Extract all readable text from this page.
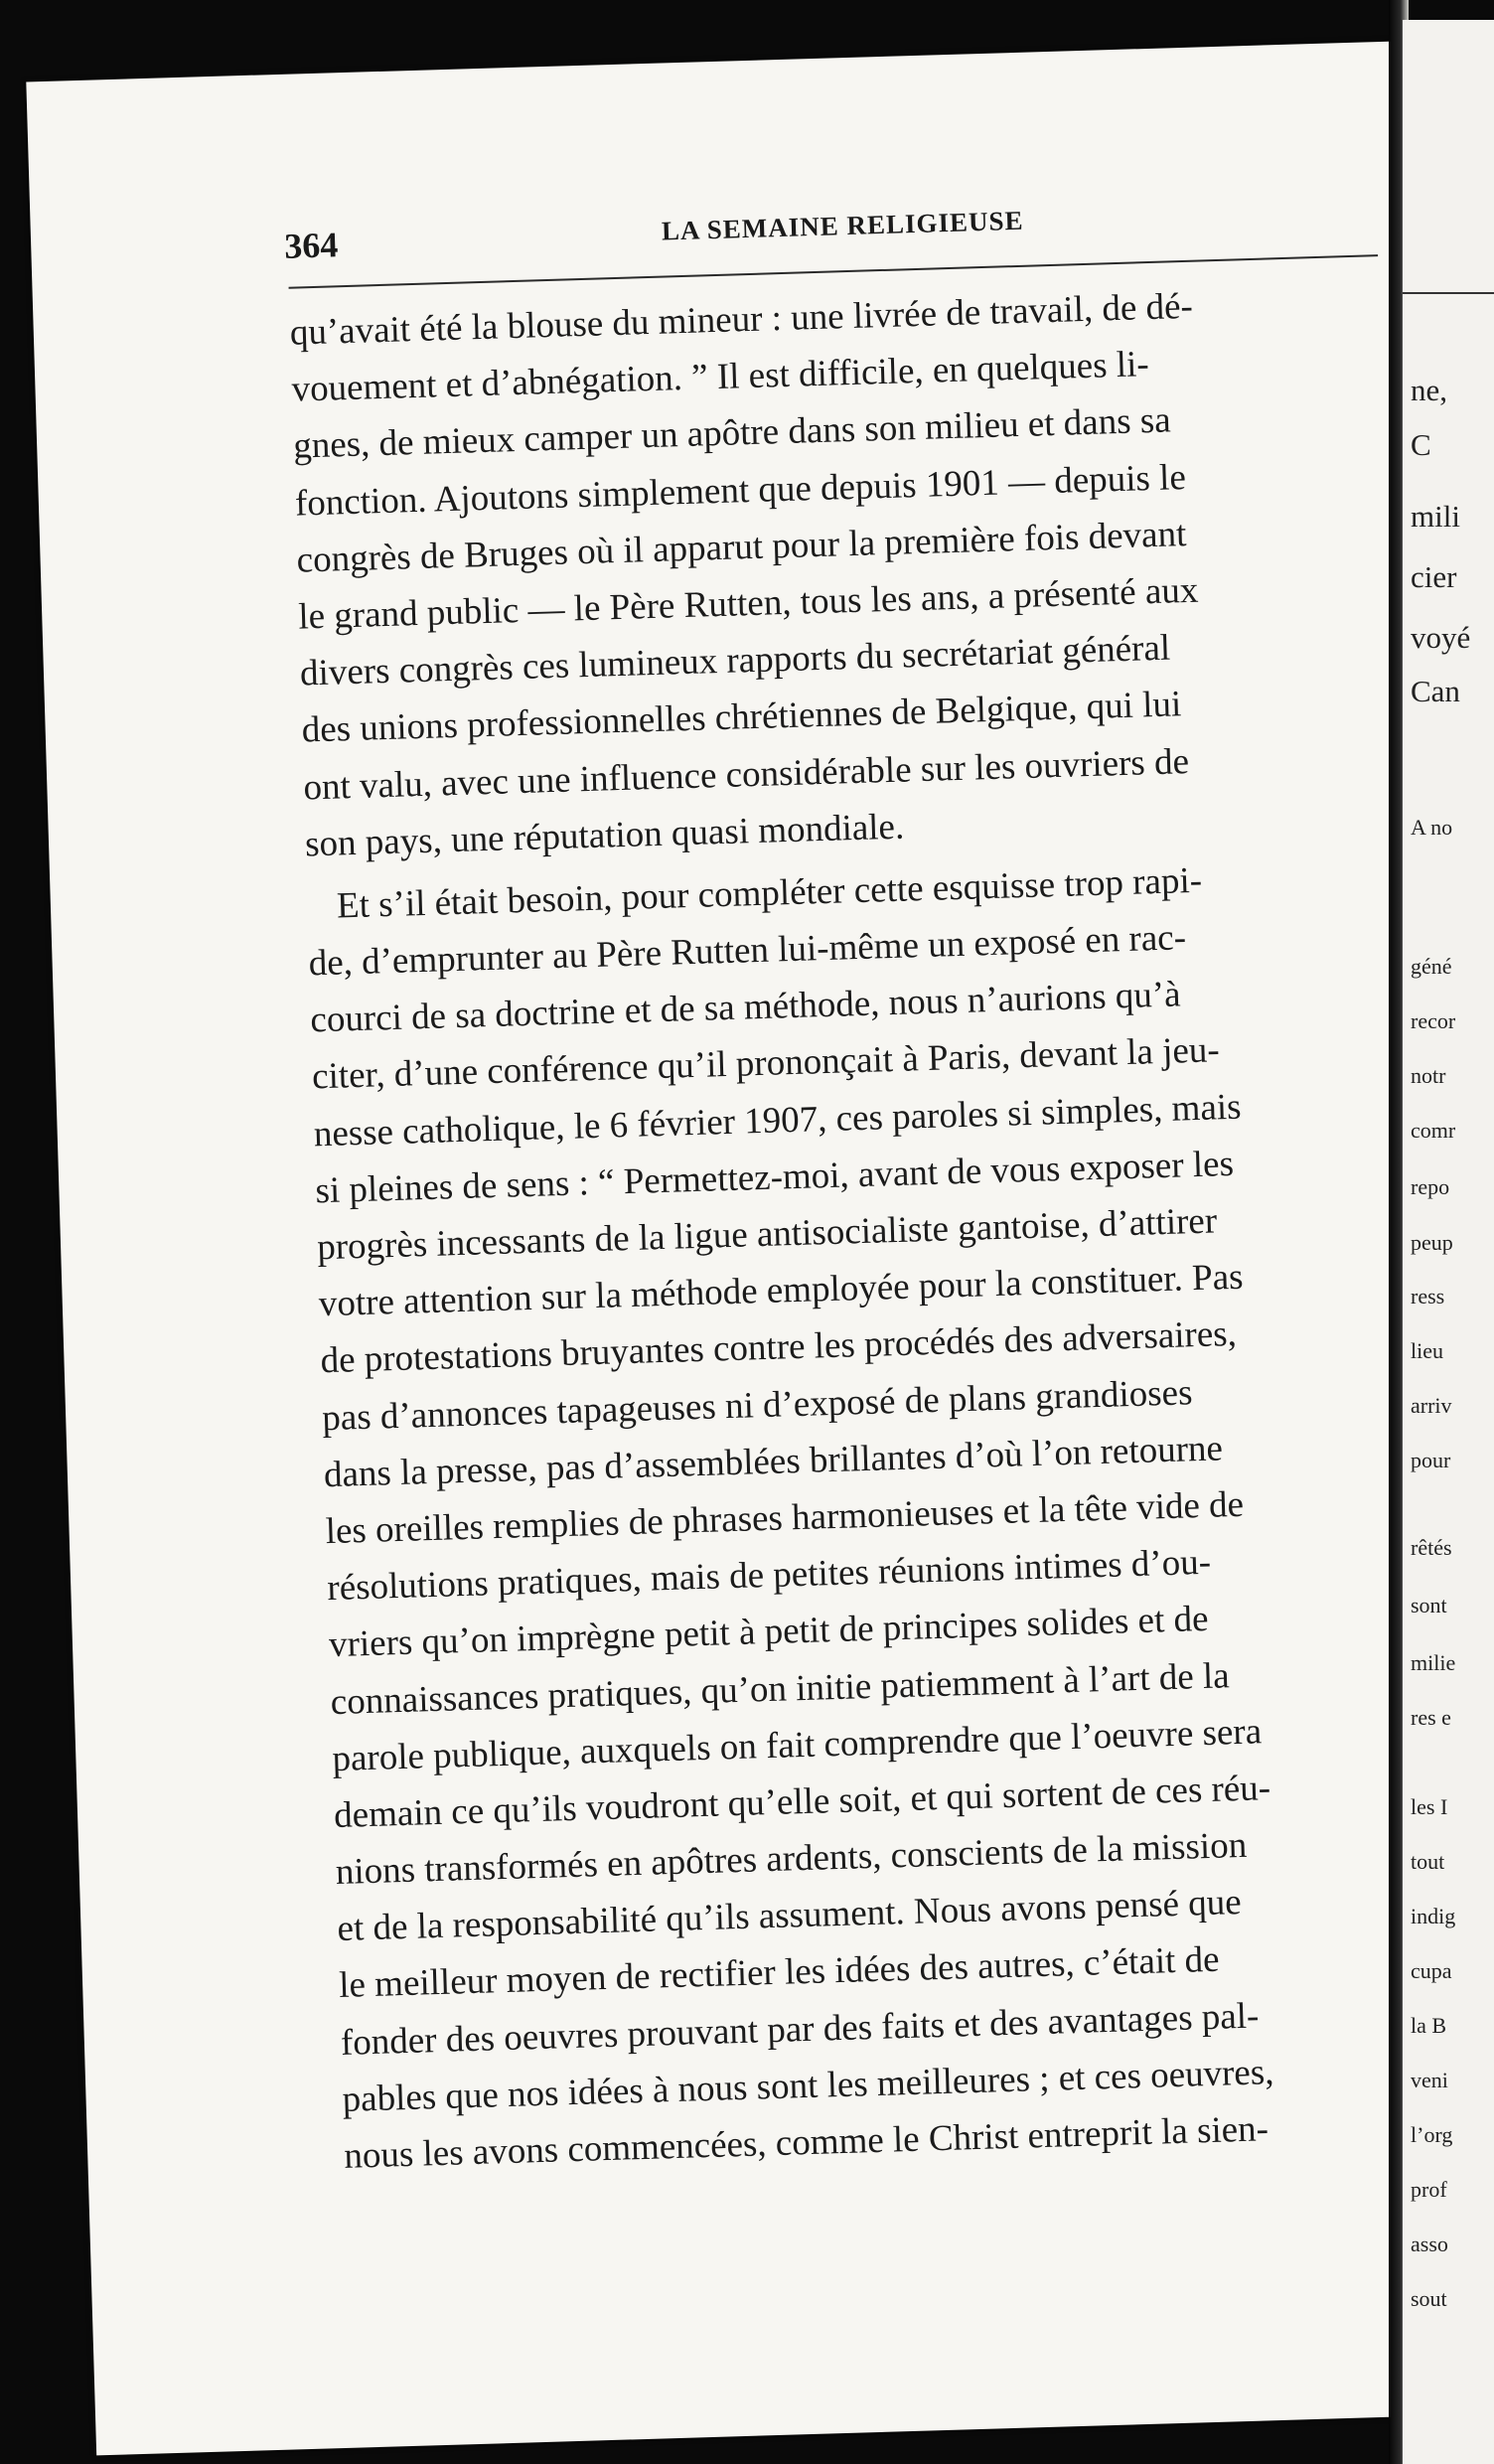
364	LA SEMAINE RELIGIEUSE
qu’avait été la blouse du mineur : une livrée de travail, de dé-
vouement et d’abnégation. ” Il est difficile, en quelques li-
gnes, de mieux camper un apôtre dans son milieu et dans sa
fonction. Ajoutons simplement que depuis 1901 — depuis le
congrès de Bruges où il apparut pour la première fois devant
le grand public — le Père Rutten, tous les ans, a présenté aux
divers congrès ces lumineux rapports du secrétariat général
des unions professionnelles chrétiennes de Belgique, qui lui
ont valu, avec une influence considérable sur les ouvriers de
son pays, une réputation quasi mondiale.
Et s’il était besoin, pour compléter cette esquisse trop rapi-
de, d’emprunter au Père Rutten lui-même un exposé en rac-
courci de sa doctrine et de sa méthode, nous n’aurions qu’à
citer, d’une conférence qu’il prononçait à Paris, devant la jeu-
nesse catholique, le 6 février 1907, ces paroles si simples, mais
si pleines de sens : “ Permettez-moi, avant de vous exposer les
progrès incessants de la ligue antisocialiste gantoise, d’attirer
votre attention sur la méthode employée pour la constituer. Pas
de protestations bruyantes contre les procédés des adversaires,
pas d’annonces tapageuses ni d’exposé de plans grandioses
dans la presse, pas d’assemblées brillantes d’où l’on retourne
les oreilles remplies de phrases harmonieuses et la tête vide de
résolutions pratiques, mais de petites réunions intimes d’ou-
vriers qu’on imprègne petit à petit de principes solides et de
connaissances pratiques, qu’on initie patiemment à l’art de la
parole publique, auxquels on fait comprendre que l’oeuvre sera
demain ce qu’ils voudront qu’elle soit, et qui sortent de ces réu-
nions transformés en apôtres ardents, conscients de la mission
et de la responsabilité qu’ils assument. Nous avons pensé que
le meilleur moyen de rectifier les idées des autres, c’était de
fonder des oeuvres prouvant par des faits et des avantages pal-
pables que nos idées à nous sont les meilleures ; et ces oeuvres,
nous les avons commencées, comme le Christ entreprit la sien-
ne,
C
mili
cier
voyé
Can
A no
géné
recor
notr
comr
repo
peup
ress
lieu
arriv
pour
rêtés
sont
milie
res e
les I
tout
indig
cupa
la B
veni
l’org
prof
asso
sout
